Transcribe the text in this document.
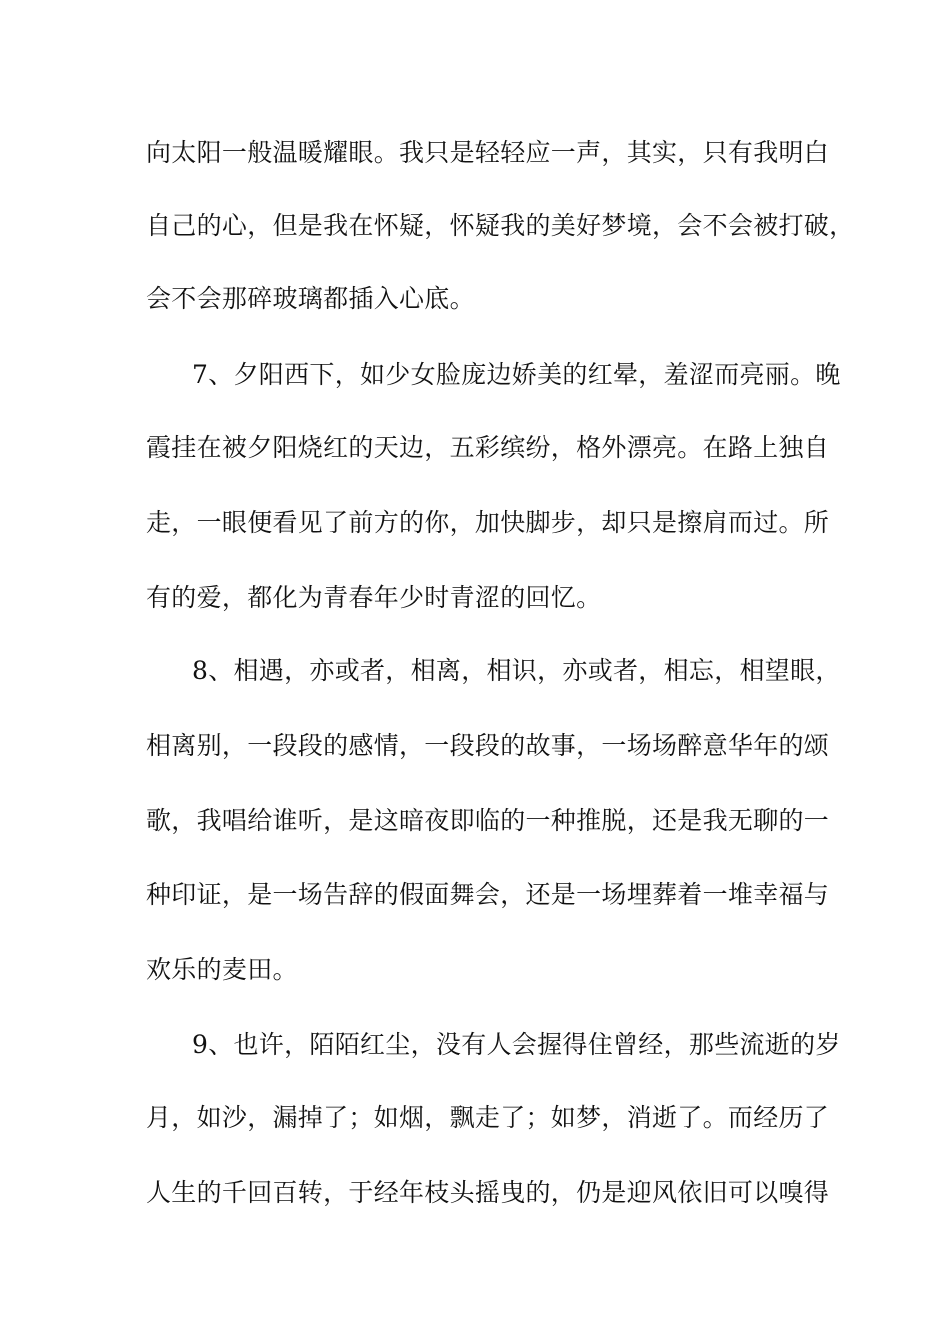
向太阳一般温暖耀眼。我只是轻轻应一声，其实，只有我明白
自己的心，但是我在怀疑，怀疑我的美好梦境，会不会被打破，
会不会那碎玻璃都插入心底。
7、夕阳西下，如少女脸庞边娇美的红晕，羞涩而亮丽。晚
霞挂在被夕阳烧红的天边，五彩缤纷，格外漂亮。在路上独自
走，一眼便看见了前方的你，加快脚步，却只是擦肩而过。所
有的爱，都化为青春年少时青涩的回忆。
8、相遇，亦或者，相离，相识，亦或者，相忘，相望眼，
相离别，一段段的感情，一段段的故事，一场场醉意华年的颂
歌，我唱给谁听，是这暗夜即临的一种推脱，还是我无聊的一
种印证，是一场告辞的假面舞会，还是一场埋葬着一堆幸福与
欢乐的麦田。
9、也许，陌陌红尘，没有人会握得住曾经，那些流逝的岁
月，如沙，漏掉了；如烟，飘走了；如梦，消逝了。而经历了
人生的千回百转，于经年枝头摇曳的，仍是迎风依旧可以嗅得
